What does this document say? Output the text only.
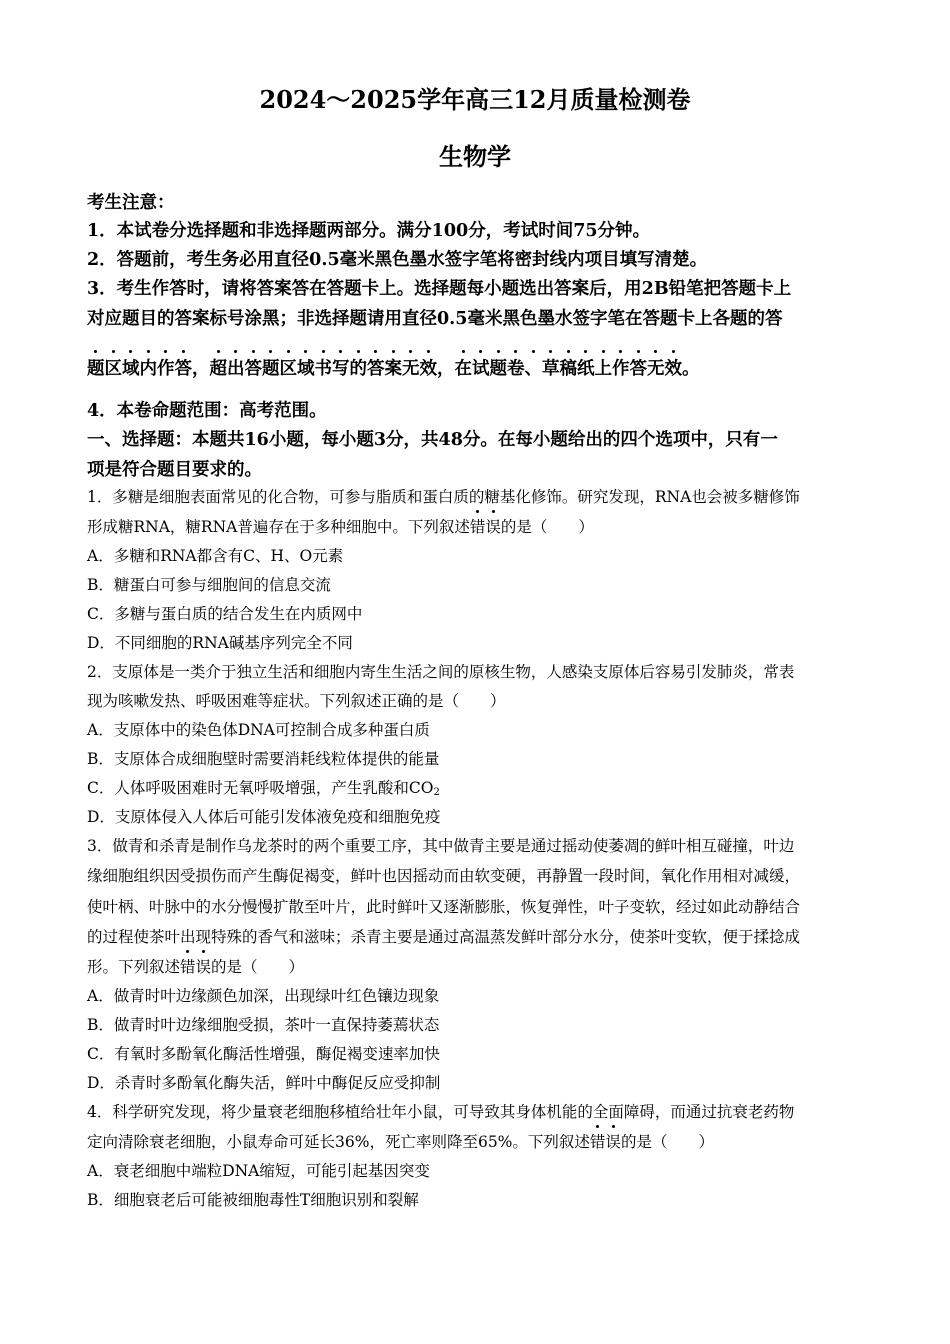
2024～2025学年高三12月质量检测卷
生物学
考生注意：
1．本试卷分选择题和非选择题两部分。满分100分，考试时间75分钟。
2．答题前，考生务必用直径0.5毫米黑色墨水签字笔将密封线内项目填写清楚。
3．考生作答时，请将答案答在答题卡上。选择题每小题选出答案后，用2B铅笔把答题卡上
对应题目的答案标号涂黑；非选择题请用直径0.5毫米黑色墨水签字笔在答题卡上各题的答
题区域内作答，超出答题区域书写的答案无效，在试题卷、草稿纸上作答无效。
4．本卷命题范围：高考范围。
一、选择题：本题共16小题，每小题3分，共48分。在每小题给出的四个选项中，只有一
项是符合题目要求的。
1．多糖是细胞表面常见的化合物，可参与脂质和蛋白质的糖基化修饰。研究发现，RNA也会被多糖修饰
形成糖RNA，糖RNA普遍存在于多种细胞中。下列叙述错误的是（　　）
A．多糖和RNA都含有C、H、O元素
B．糖蛋白可参与细胞间的信息交流
C．多糖与蛋白质的结合发生在内质网中
D．不同细胞的RNA碱基序列完全不同
2．支原体是一类介于独立生活和细胞内寄生生活之间的原核生物，人感染支原体后容易引发肺炎，常表
现为咳嗽发热、呼吸困难等症状。下列叙述正确的是（　　）
A．支原体中的染色体DNA可控制合成多种蛋白质
B．支原体合成细胞壁时需要消耗线粒体提供的能量
C．人体呼吸困难时无氧呼吸增强，产生乳酸和$CO_2$
D．支原体侵入人体后可能引发体液免疫和细胞免疫
3．做青和杀青是制作乌龙茶时的两个重要工序，其中做青主要是通过摇动使萎凋的鲜叶相互碰撞，叶边
缘细胞组织因受损伤而产生酶促褐变，鲜叶也因摇动而由软变硬，再静置一段时间，氧化作用相对减缓，
使叶柄、叶脉中的水分慢慢扩散至叶片，此时鲜叶又逐渐膨胀，恢复弹性，叶子变软，经过如此动静结合
的过程使茶叶出现特殊的香气和滋味；杀青主要是通过高温蒸发鲜叶部分水分，使茶叶变软，便于揉捻成
形。下列叙述错误的是（　　）
A．做青时叶边缘颜色加深，出现绿叶红色镶边现象
B．做青时叶边缘细胞受损，茶叶一直保持萎蔫状态
C．有氧时多酚氧化酶活性增强，酶促褐变速率加快
D．杀青时多酚氧化酶失活，鲜叶中酶促反应受抑制
4．科学研究发现，将少量衰老细胞移植给壮年小鼠，可导致其身体机能的全面障碍，而通过抗衰老药物
定向清除衰老细胞，小鼠寿命可延长36%，死亡率则降至65%。下列叙述错误的是（　　）
A．衰老细胞中端粒DNA缩短，可能引起基因突变
B．细胞衰老后可能被细胞毒性T细胞识别和裂解
